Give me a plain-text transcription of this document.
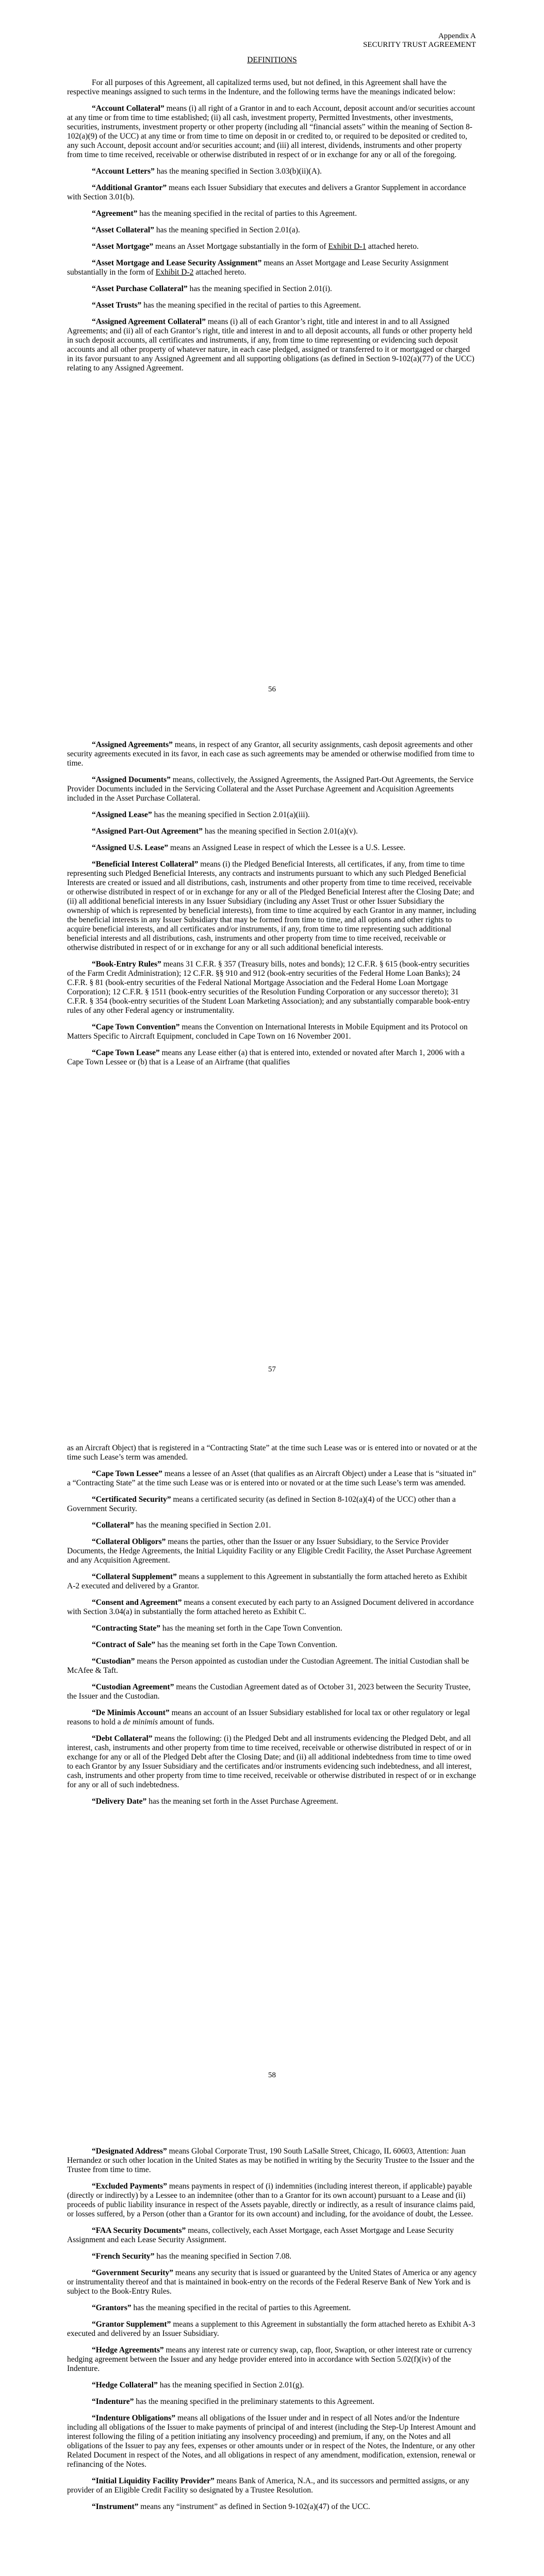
Appendix A
SECURITY TRUST AGREEMENT
DEFINITIONS

For all purposes of this Agreement, all capitalized terms used, but not defined, in this Agreement shall have the respective meanings assigned to such terms in the Indenture, and the following terms have the meanings indicated below:

“Account Collateral” means (i) all right of a Grantor in and to each Account, deposit account and/or securities account at any time or from time to time established; (ii) all cash, investment property, Permitted Investments, other investments, securities, instruments, investment property or other property (including all “financial assets” within the meaning of Section 8-102(a)(9) of the UCC) at any time or from time to time on deposit in or credited to, or required to be deposited or credited to, any such Account, deposit account and/or securities account; and (iii) all interest, dividends, instruments and other property from time to time received, receivable or otherwise distributed in respect of or in exchange for any or all of the foregoing.

“Account Letters” has the meaning specified in Section 3.03(b)(ii)(A).

“Additional Grantor” means each Issuer Subsidiary that executes and delivers a Grantor Supplement in accordance with Section 3.01(b).

“Agreement” has the meaning specified in the recital of parties to this Agreement.

“Asset Collateral” has the meaning specified in Section 2.01(a).

“Asset Mortgage” means an Asset Mortgage substantially in the form of Exhibit D-1 attached hereto.

“Asset Mortgage and Lease Security Assignment” means an Asset Mortgage and Lease Security Assignment substantially in the form of Exhibit D-2 attached hereto.

“Asset Purchase Collateral” has the meaning specified in Section 2.01(i).

“Asset Trusts” has the meaning specified in the recital of parties to this Agreement.

“Assigned Agreement Collateral” means (i) all of each Grantor’s right, title and interest in and to all Assigned Agreements; and (ii) all of each Grantor’s right, title and interest in and to all deposit accounts, all funds or other property held in such deposit accounts, all certificates and instruments, if any, from time to time representing or evidencing such deposit accounts and all other property of whatever nature, in each case pledged, assigned or transferred to it or mortgaged or charged in its favor pursuant to any Assigned Agreement and all supporting obligations (as defined in Section 9-102(a)(77) of the UCC) relating to any Assigned Agreement.

56

“Assigned Agreements” means, in respect of any Grantor, all security assignments, cash deposit agreements and other security agreements executed in its favor, in each case as such agreements may be amended or otherwise modified from time to time.

“Assigned Documents” means, collectively, the Assigned Agreements, the Assigned Part-Out Agreements, the Service Provider Documents included in the Servicing Collateral and the Asset Purchase Agreement and Acquisition Agreements included in the Asset Purchase Collateral.

“Assigned Lease” has the meaning specified in Section 2.01(a)(iii).

“Assigned Part-Out Agreement” has the meaning specified in Section 2.01(a)(v).

“Assigned U.S. Lease” means an Assigned Lease in respect of which the Lessee is a U.S. Lessee.

“Beneficial Interest Collateral” means (i) the Pledged Beneficial Interests, all certificates, if any, from time to time representing such Pledged Beneficial Interests, any contracts and instruments pursuant to which any such Pledged Beneficial Interests are created or issued and all distributions, cash, instruments and other property from time to time received, receivable or otherwise distributed in respect of or in exchange for any or all of the Pledged Beneficial Interest after the Closing Date; and (ii) all additional beneficial interests in any Issuer Subsidiary (including any Asset Trust or other Issuer Subsidiary the ownership of which is represented by beneficial interests), from time to time acquired by each Grantor in any manner, including the beneficial interests in any Issuer Subsidiary that may be formed from time to time, and all options and other rights to acquire beneficial interests, and all certificates and/or instruments, if any, from time to time representing such additional beneficial interests and all distributions, cash, instruments and other property from time to time received, receivable or otherwise distributed in respect of or in exchange for any or all such additional beneficial interests.

“Book-Entry Rules” means 31 C.F.R. § 357 (Treasury bills, notes and bonds); 12 C.F.R. § 615 (book-entry securities of the Farm Credit Administration); 12 C.F.R. §§ 910 and 912 (book-entry securities of the Federal Home Loan Banks); 24 C.F.R. § 81 (book-entry securities of the Federal National Mortgage Association and the Federal Home Loan Mortgage Corporation); 12 C.F.R. § 1511 (book-entry securities of the Resolution Funding Corporation or any successor thereto); 31 C.F.R. § 354 (book-entry securities of the Student Loan Marketing Association); and any substantially comparable book-entry rules of any other Federal agency or instrumentality.

“Cape Town Convention” means the Convention on International Interests in Mobile Equipment and its Protocol on Matters Specific to Aircraft Equipment, concluded in Cape Town on 16 November 2001.

“Cape Town Lease” means any Lease either (a) that is entered into, extended or novated after March 1, 2006 with a Cape Town Lessee or (b) that is a Lease of an Airframe (that qualifies

57

as an Aircraft Object) that is registered in a “Contracting State” at the time such Lease was or is entered into or novated or at the time such Lease’s term was amended.

“Cape Town Lessee” means a lessee of an Asset (that qualifies as an Aircraft Object) under a Lease that is “situated in” a “Contracting State” at the time such Lease was or is entered into or novated or at the time such Lease’s term was amended.

“Certificated Security” means a certificated security (as defined in Section 8-102(a)(4) of the UCC) other than a Government Security.

“Collateral” has the meaning specified in Section 2.01.

“Collateral Obligors” means the parties, other than the Issuer or any Issuer Subsidiary, to the Service Provider Documents, the Hedge Agreements, the Initial Liquidity Facility or any Eligible Credit Facility, the Asset Purchase Agreement and any Acquisition Agreement.

“Collateral Supplement” means a supplement to this Agreement in substantially the form attached hereto as Exhibit A-2 executed and delivered by a Grantor.

“Consent and Agreement” means a consent executed by each party to an Assigned Document delivered in accordance with Section 3.04(a) in substantially the form attached hereto as Exhibit C.

“Contracting State” has the meaning set forth in the Cape Town Convention.

“Contract of Sale” has the meaning set forth in the Cape Town Convention.

“Custodian” means the Person appointed as custodian under the Custodian Agreement. The initial Custodian shall be McAfee & Taft.

“Custodian Agreement” means the Custodian Agreement dated as of October 31, 2023 between the Security Trustee, the Issuer and the Custodian.

“De Minimis Account” means an account of an Issuer Subsidiary established for local tax or other regulatory or legal reasons to hold a de minimis amount of funds.

“Debt Collateral” means the following: (i) the Pledged Debt and all instruments evidencing the Pledged Debt, and all interest, cash, instruments and other property from time to time received, receivable or otherwise distributed in respect of or in exchange for any or all of the Pledged Debt after the Closing Date; and (ii) all additional indebtedness from time to time owed to each Grantor by any Issuer Subsidiary and the certificates and/or instruments evidencing such indebtedness, and all interest, cash, instruments and other property from time to time received, receivable or otherwise distributed in respect of or in exchange for any or all of such indebtedness.

“Delivery Date” has the meaning set forth in the Asset Purchase Agreement.

58

“Designated Address” means Global Corporate Trust, 190 South LaSalle Street, Chicago, IL 60603, Attention: Juan Hernandez or such other location in the United States as may be notified in writing by the Security Trustee to the Issuer and the Trustee from time to time.

“Excluded Payments” means payments in respect of (i) indemnities (including interest thereon, if applicable) payable (directly or indirectly) by a Lessee to an indemnitee (other than to a Grantor for its own account) pursuant to a Lease and (ii) proceeds of public liability insurance in respect of the Assets payable, directly or indirectly, as a result of insurance claims paid, or losses suffered, by a Person (other than a Grantor for its own account) and including, for the avoidance of doubt, the Lessee.

“FAA Security Documents” means, collectively, each Asset Mortgage, each Asset Mortgage and Lease Security Assignment and each Lease Security Assignment.

“French Security” has the meaning specified in Section 7.08.

“Government Security” means any security that is issued or guaranteed by the United States of America or any agency or instrumentality thereof and that is maintained in book-entry on the records of the Federal Reserve Bank of New York and is subject to the Book-Entry Rules.

“Grantors” has the meaning specified in the recital of parties to this Agreement.

“Grantor Supplement” means a supplement to this Agreement in substantially the form attached hereto as Exhibit A-3 executed and delivered by an Issuer Subsidiary.

“Hedge Agreements” means any interest rate or currency swap, cap, floor, Swaption, or other interest rate or currency hedging agreement between the Issuer and any hedge provider entered into in accordance with Section 5.02(f)(iv) of the Indenture.

“Hedge Collateral” has the meaning specified in Section 2.01(g).

“Indenture” has the meaning specified in the preliminary statements to this Agreement.

“Indenture Obligations” means all obligations of the Issuer under and in respect of all Notes and/or the Indenture including all obligations of the Issuer to make payments of principal of and interest (including the Step-Up Interest Amount and interest following the filing of a petition initiating any insolvency proceeding) and premium, if any, on the Notes and all obligations of the Issuer to pay any fees, expenses or other amounts under or in respect of the Notes, the Indenture, or any other Related Document in respect of the Notes, and all obligations in respect of any amendment, modification, extension, renewal or refinancing of the Notes.

“Initial Liquidity Facility Provider” means Bank of America, N.A., and its successors and permitted assigns, or any provider of an Eligible Credit Facility so designated by a Trustee Resolution.

“Instrument” means any “instrument” as defined in Section 9-102(a)(47) of the UCC.
